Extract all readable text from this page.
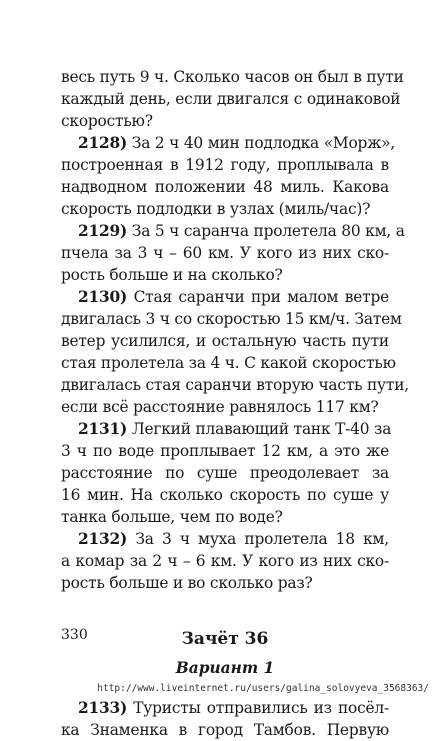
весь путь 9 ч. Сколько часов он был в пути
каждый день, если двигался с одинаковой
скоростью?
2128) За 2 ч 40 мин подлодка «Морж»,
построенная в 1912 году, проплывала в
надводном положении 48 миль. Какова
скорость подлодки в узлах (миль/час)?
2129) За 5 ч саранча пролетела 80 км, а
пчела за 3 ч – 60 км. У кого из них ско-
рость больше и на сколько?
2130) Стая саранчи при малом ветре
двигалась 3 ч со скоростью 15 км/ч. Затем
ветер усилился, и остальную часть пути
стая пролетела за 4 ч. С какой скоростью
двигалась стая саранчи вторую часть пути,
если всё расстояние равнялось 117 км?
2131) Легкий плавающий танк Т-40 за
3 ч по воде проплывает 12 км, а это же
расстояние по суше преодолевает за
16 мин. На сколько скорость по суше у
танка больше, чем по воде?
2132) За 3 ч муха пролетела 18 км,
а комар за 2 ч – 6 км. У кого из них ско-
рость больше и во сколько раз?
Зачёт 36
Вариант 1
2133) Туристы отправились из посёл-
ка Знаменка в город Тамбов. Первую
330
http://www.liveinternet.ru/users/galina_solovyeva_3568363/
